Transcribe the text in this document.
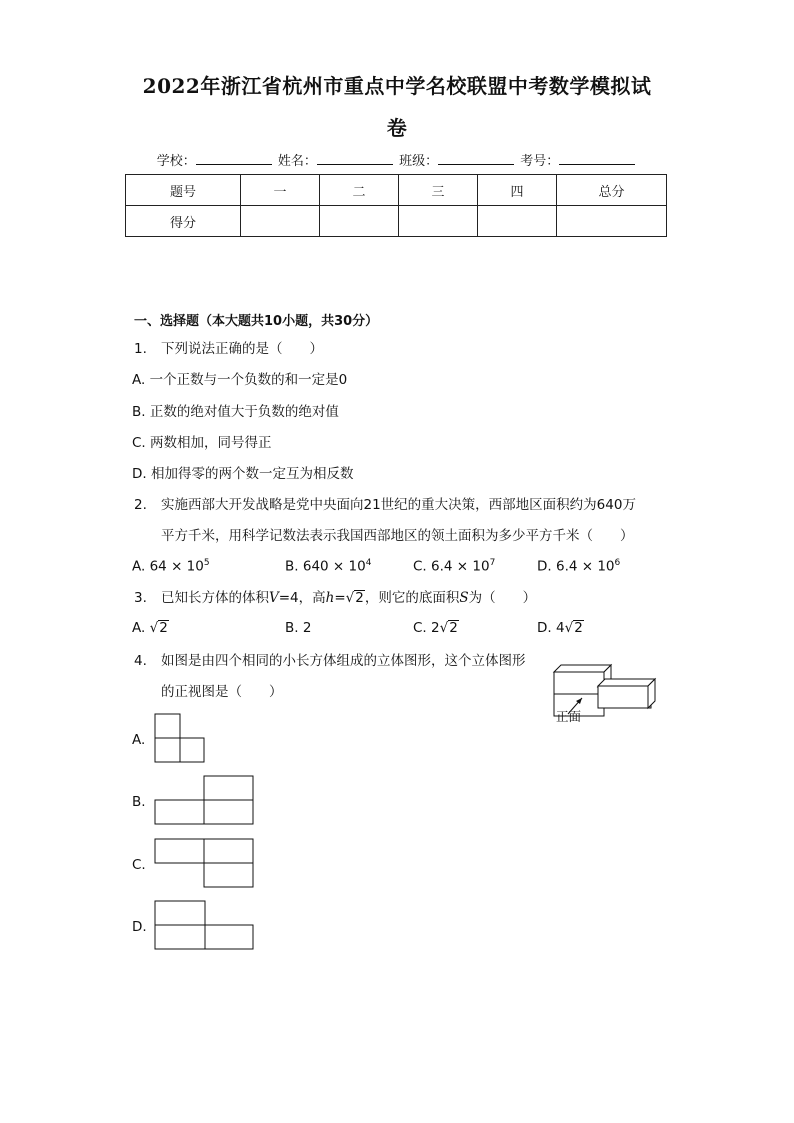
2022年浙江省杭州市重点中学名校联盟中考数学模拟试
卷
学校：	姓名：	班级：	考号：
题号	一	二	三	四	总分
得分					
一、选择题（本大题共10小题，共30分）
1. 下列说法正确的是（　　）
A. 一个正数与一个负数的和一定是0
B. 正数的绝对值大于负数的绝对值
C. 两数相加，同号得正
D. 相加得零的两个数一定互为相反数
2. 实施西部大开发战略是党中央面向21世纪的重大决策，西部地区面积约为640万
平方千米，用科学记数法表示我国西部地区的领土面积为多少平方千米（　　）
A. $64 \times 10^5$	B. $640 \times 10^4$	C. $6.4 \times 10^7$	D. $6.4 \times 10^6$
3. 已知长方体的体积V=4，高h=√2，则它的底面积S为（　　）
A. √2	B. 2	C. 2√2	D. 4√2
4. 如图是由四个相同的小长方体组成的立体图形，这个立体图形
的正视图是（　　）
正面
A.
B.
C.
D.
